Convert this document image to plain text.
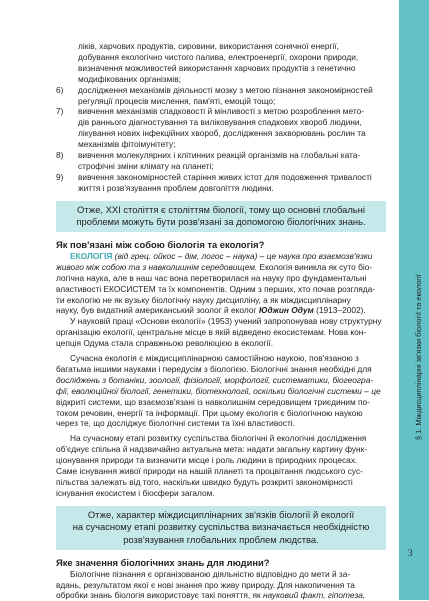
§ 1. Міждисциплінарні зв'язки біології та екології
3
ліків, харчових продуктів, сировини, використання сонячної енергії,
добування екологічно чистого палива, електроенергії, охорони природи,
визначення можливостей використання харчових продуктів з генетично
модифікованих організмів;
6) дослідження механізмів діяльності мозку з метою пізнання закономірностей
регуляції процесів мислення, пам'яті, емоцій тощо;
7) вивчення механізмів спадковості й мінливості з метою розроблення мето-
дів раннього діагностування та виліковування спадкових хвороб людини,
лікування нових інфекційних хвороб, дослідження захворювань рослин та
механізмів фітоімунітету;
8) вивчення молекулярних і клітинних реакцій організмів на глобальні ката-
строфічні зміни клімату на планеті;
9) вивчення закономірностей старіння живих істот для подовження тривалості
життя і розв'язування проблем довголіття людини.
Отже, ХХІ століття є століттям біології, тому що основні глобальні
проблеми можуть бути розв'язані за допомогою біологічних знань.
Як пов'язані між собою біологія та екологія?
ЕКОЛОГІЯ (від грец. ойкос – дім, логос – наука) – це наука про взаємозв'язки
живого між собою та з навколишнім середовищем. Екологія виникла як суто біо-
логічна наука, але в наш час вона перетворилася на науку про фундаментальні
властивості ЕКОСИСТЕМ та їх компонентів. Одним з перших, хто почав розгляда-
ти екологію не як вузьку біологічну науку дисципліну, а як міждисциплінарну
науку, був видатний американський зоолог й еколог Юджин Одум (1913–2002).
У науковій праці «Основи екології» (1953) учений запропонував нову структурну
організацію екології, центральне місце в якій відведено екосистемам. Нова кон-
цепція Одума стала справжньою революцією в екології.
Сучасна екологія є міждисциплінарною самостійною наукою, пов'язаною з
багатьма іншими науками і передусім з біологією. Біологічні знання необхідні для
досліджень з ботаніки, зоології, фізіології, морфології, систематики, біогеогра-
фії, еволюційної біології, генетики, біотехнології, оскільки біологічні системи – це
відкриті системи, що взаємозв'язані із навколишнім середовищем триєдиним по-
током речовин, енергії та інформації. При цьому екологія є біологічною наукою
через те, що досліджує біологічні системи та їхні властивості.
На сучасному етапі розвитку суспільства біологічні й екологічні дослідження
об'єднує спільна й надзвичайно актуальна мета: надати загальну картину функ-
ціонування природи та визначити місце і роль людини в природних процесах.
Саме існування живої природи на нашій планеті та процвітання людського сус-
пільства залежать від того, наскільки швидко будуть розкриті закономірності
існування екосистем і біосфери загалом.
Отже, характер міждисциплінарних зв'язків біології й екології
на сучасному етапі розвитку суспільства визначається необхідністю
розв'язування глобальних проблем людства.
Яке значення біологічних знань для людини?
Біологічне пізнання є організованою діяльністю відповідно до мети й за-
вдань, результатом якої є нові знання про живу природу. Для накопичення та
обробки знань біологія використовує такі поняття, як науковий факт, гіпотеза,
